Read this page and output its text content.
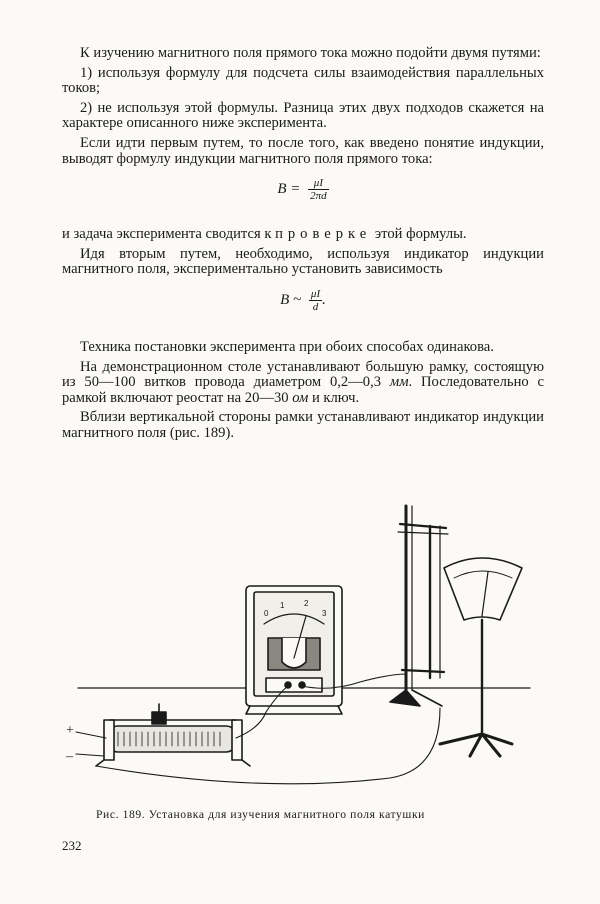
К изучению магнитного поля прямого тока можно подойти двумя путями:

1) используя формулу для подсчета силы взаимодействия параллельных токов;

2) не используя этой формулы. Разница этих двух подходов скажется на характере описанного ниже эксперимента.

Если идти первым путем, то после того, как введено понятие индукции, выводят формулу индукции магнитного поля прямого тока:

$B = \frac{\mu I}{2\pi d}$

и задача эксперимента сводится к проверке этой формулы.

Идя вторым путем, необходимо, используя индикатор индукции магнитного поля, экспериментально установить зависимость

B ~ $\frac{\mu I}{d}$ .

Техника постановки эксперимента при обоих способах одинакова.

На демонстрационном столе устанавливают большую рамку, состоящую из 50—100 витков провода диаметром 0,2—0,3 мм. Последовательно с рамкой включают реостат на 20—30 ом и ключ.

Вблизи вертикальной стороны рамки устанавливают индикатор индукции магнитного поля (рис. 189).

+
–
0
1 2
3
Рис. 189. Установка для изучения магнитного поля катушки
232
